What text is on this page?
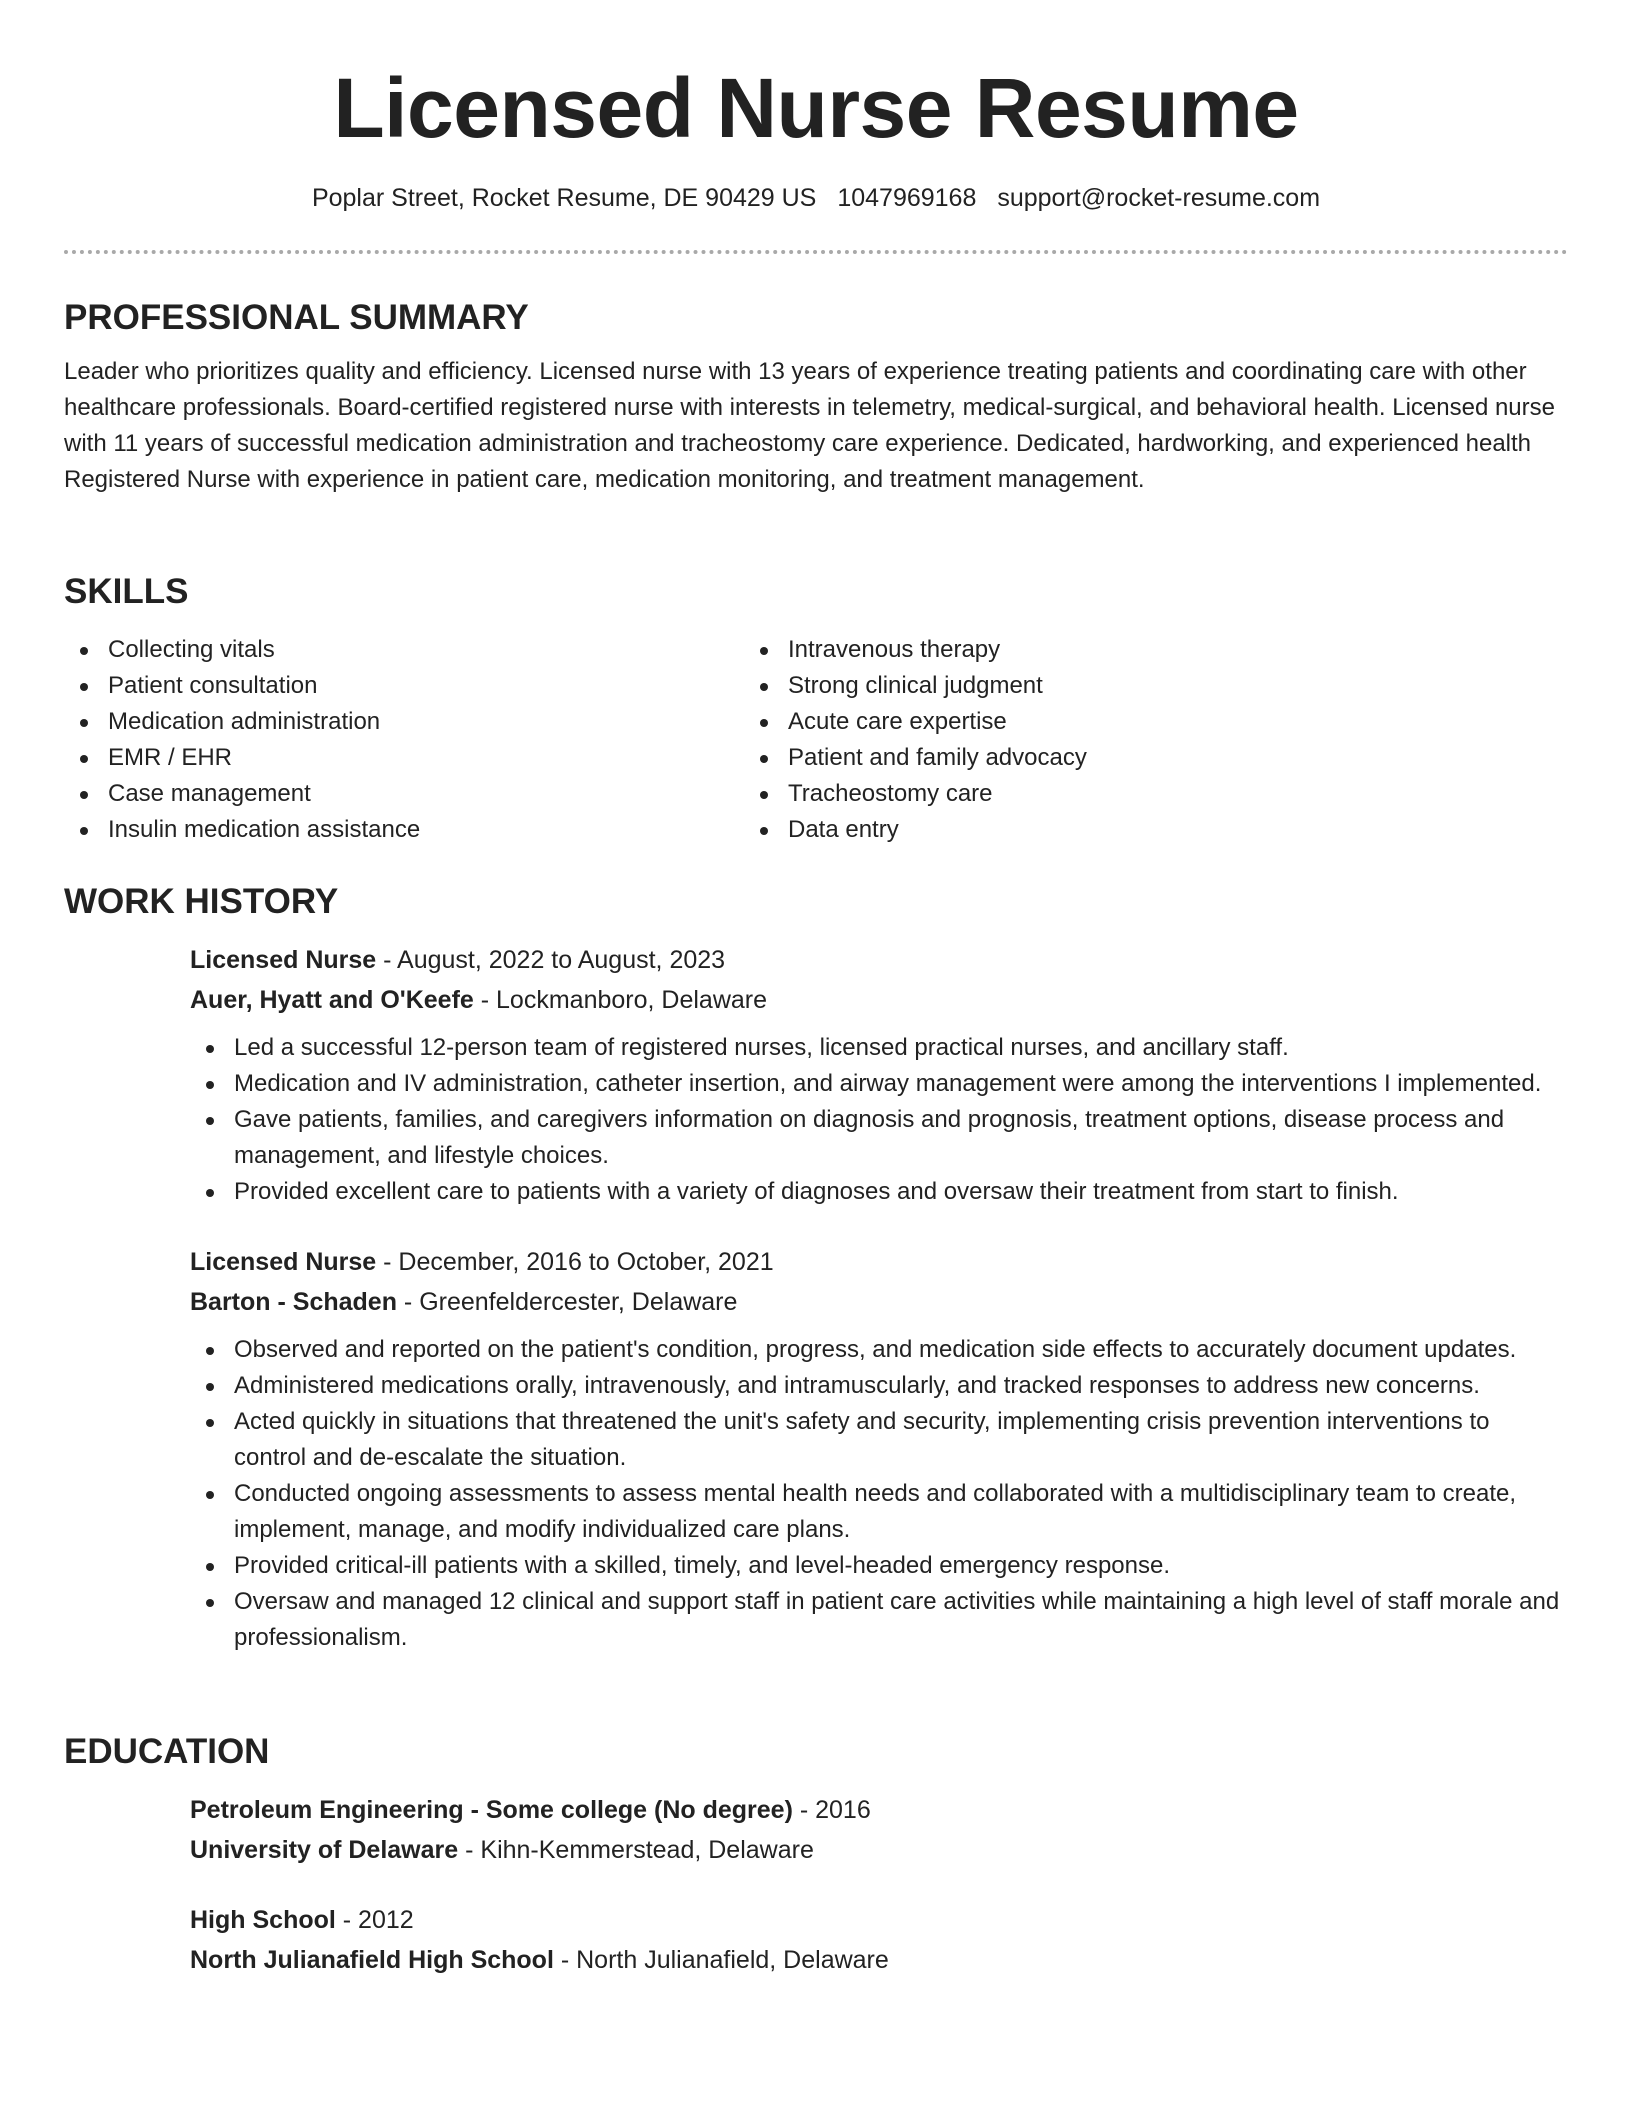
Licensed Nurse Resume
Poplar Street, Rocket Resume, DE 90429 US 1047969168 support@rocket-resume.com
PROFESSIONAL SUMMARY

Leader who prioritizes quality and efficiency. Licensed nurse with 13 years of experience treating patients and coordinating care with other healthcare professionals. Board-certified registered nurse with interests in telemetry, medical-surgical, and behavioral health. Licensed nurse with 11 years of successful medication administration and tracheostomy care experience. Dedicated, hardworking, and experienced health Registered Nurse with experience in patient care, medication monitoring, and treatment management.

SKILLS
Collecting vitals
Patient consultation
Medication administration
EMR / EHR
Case management
Insulin medication assistance
Intravenous therapy
Strong clinical judgment
Acute care expertise
Patient and family advocacy
Tracheostomy care
Data entry
WORK HISTORY

Licensed Nurse - August, 2022 to August, 2023

Auer, Hyatt and O'Keefe - Lockmanboro, Delaware

Led a successful 12-person team of registered nurses, licensed practical nurses, and ancillary staff.
Medication and IV administration, catheter insertion, and airway management were among the interventions I implemented.
Gave patients, families, and caregivers information on diagnosis and prognosis, treatment options, disease process and management, and lifestyle choices.
Provided excellent care to patients with a variety of diagnoses and oversaw their treatment from start to finish.

Licensed Nurse - December, 2016 to October, 2021

Barton - Schaden - Greenfeldercester, Delaware

Observed and reported on the patient's condition, progress, and medication side effects to accurately document updates.
Administered medications orally, intravenously, and intramuscularly, and tracked responses to address new concerns.
Acted quickly in situations that threatened the unit's safety and security, implementing crisis prevention interventions to control and de-escalate the situation.
Conducted ongoing assessments to assess mental health needs and collaborated with a multidisciplinary team to create, implement, manage, and modify individualized care plans.
Provided critical-ill patients with a skilled, timely, and level-headed emergency response.
Oversaw and managed 12 clinical and support staff in patient care activities while maintaining a high level of staff morale and professionalism.
EDUCATION

Petroleum Engineering - Some college (No degree) - 2016

University of Delaware - Kihn-Kemmerstead, Delaware

High School - 2012

North Julianafield High School - North Julianafield, Delaware
